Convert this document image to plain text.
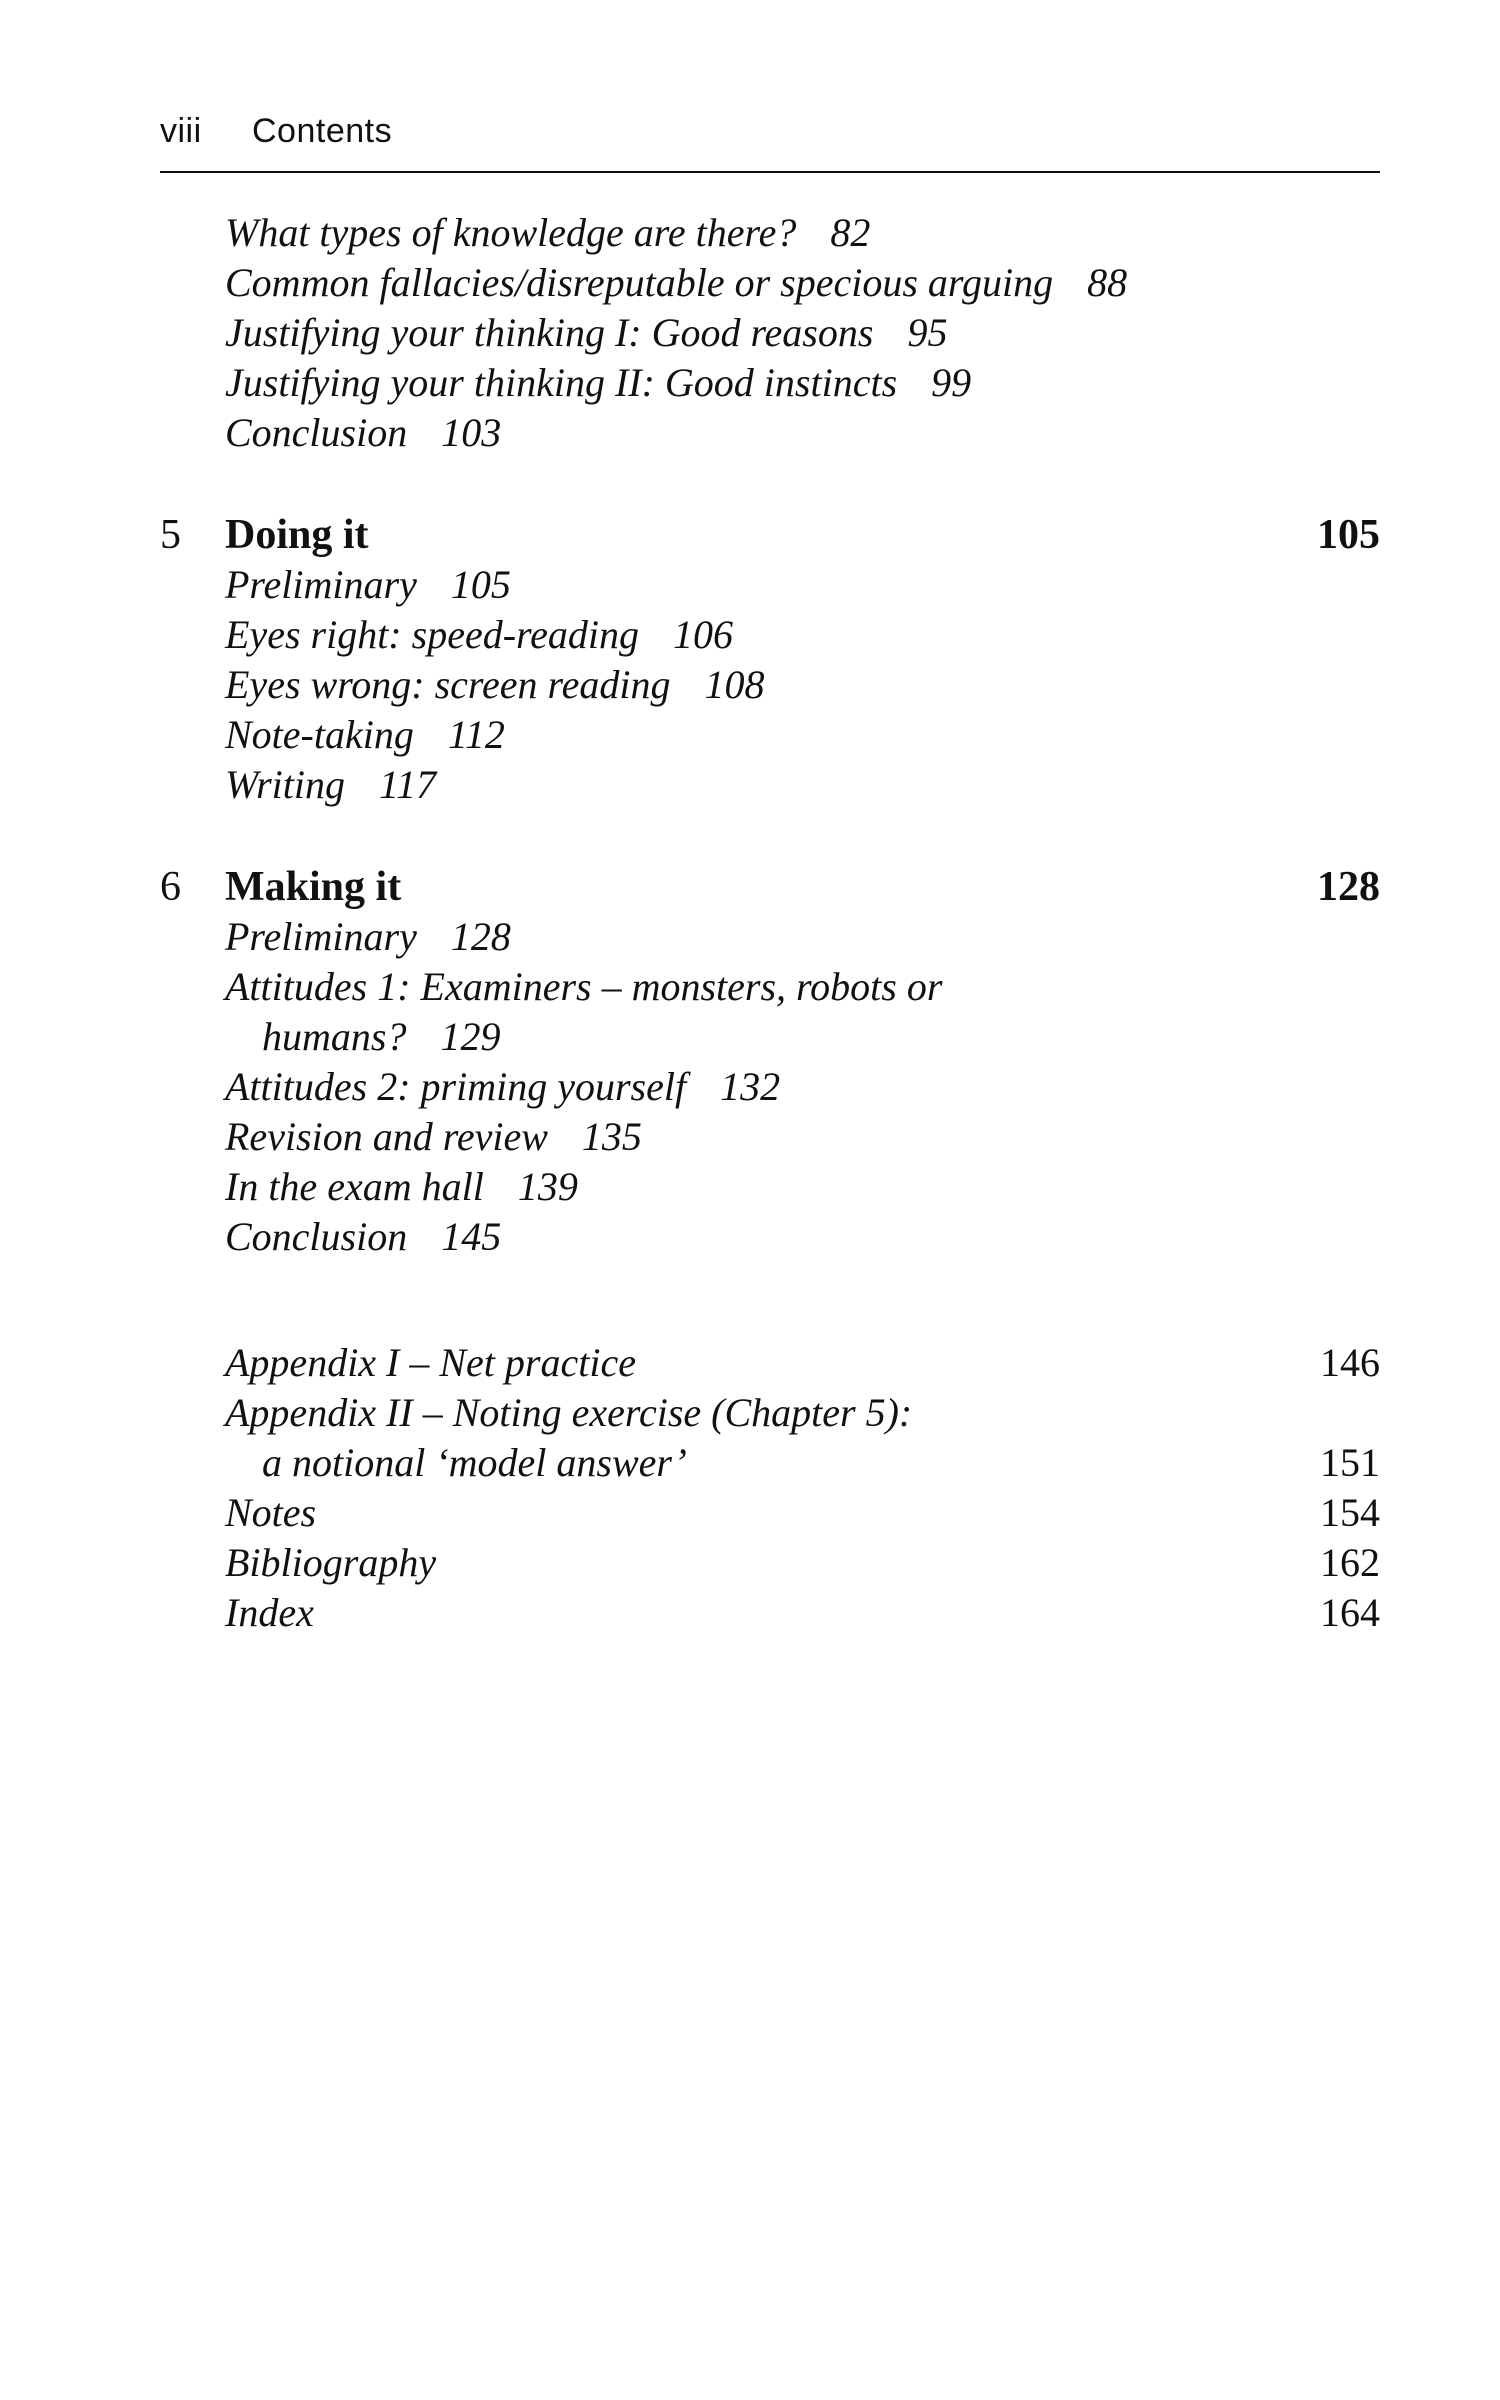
viii Contents
What types of knowledge are there? 82
Common fallacies/disreputable or specious arguing 88
Justifying your thinking I: Good reasons 95
Justifying your thinking II: Good instincts 99
Conclusion 103
5 Doing it	105
Preliminary 105
Eyes right: speed-reading 106
Eyes wrong: screen reading 108
Note-taking 112
Writing 117
6 Making it	128
Preliminary 128
Attitudes 1: Examiners – monsters, robots or
humans? 129
Attitudes 2: priming yourself 132
Revision and review 135
In the exam hall 139
Conclusion 145
Appendix I – Net practice	146
Appendix II – Noting exercise (Chapter 5):
a notional ‘model answer’	151
Notes	154
Bibliography	162
Index	164
